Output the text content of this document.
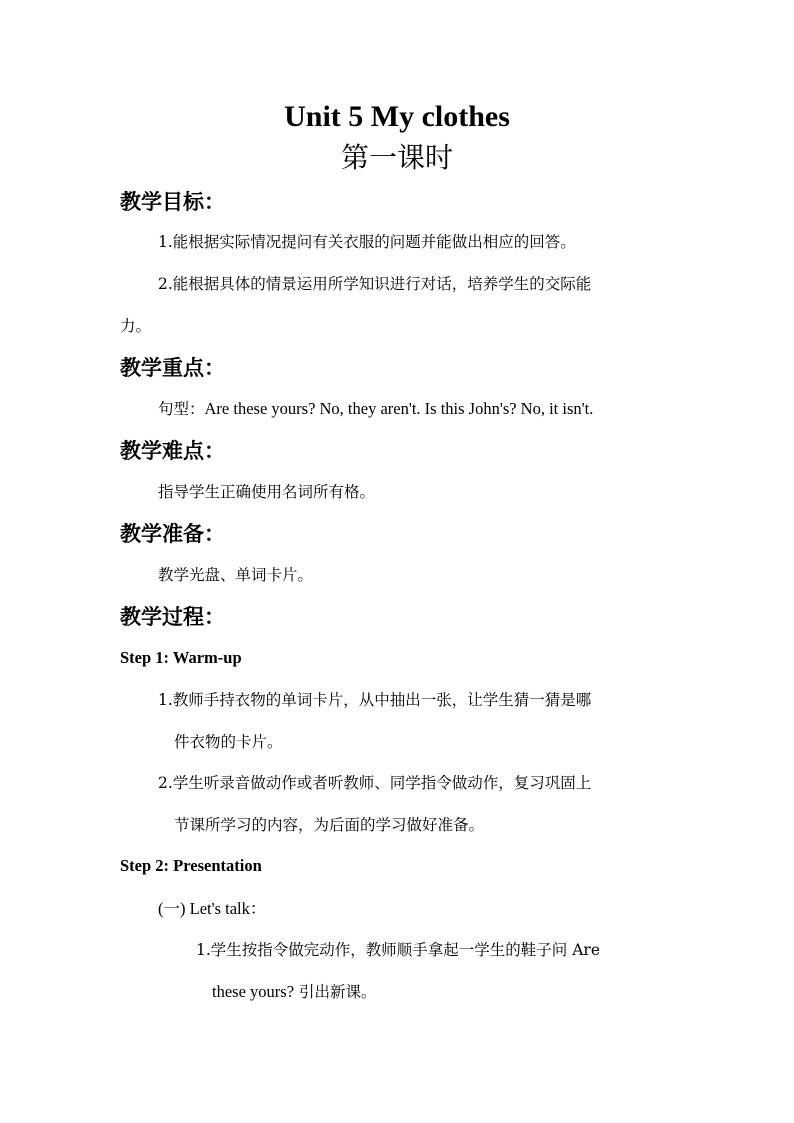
Unit 5 My clothes
第一课时
教学目标：
1.能根据实际情况提问有关衣服的问题并能做出相应的回答。
2.能根据具体的情景运用所学知识进行对话，培养学生的交际能
力。
教学重点：
句型：Are these yours? No, they aren't. Is this John's? No, it isn't.
教学难点：
指导学生正确使用名词所有格。
教学准备：
教学光盘、单词卡片。
教学过程：
Step 1: Warm-up
1.教师手持衣物的单词卡片，从中抽出一张，让学生猜一猜是哪
件衣物的卡片。
2.学生听录音做动作或者听教师、同学指令做动作，复习巩固上
节课所学习的内容，为后面的学习做好准备。
Step 2: Presentation
(一) Let's talk：
1.学生按指令做完动作，教师顺手拿起一学生的鞋子问 Are
these yours? 引出新课。
